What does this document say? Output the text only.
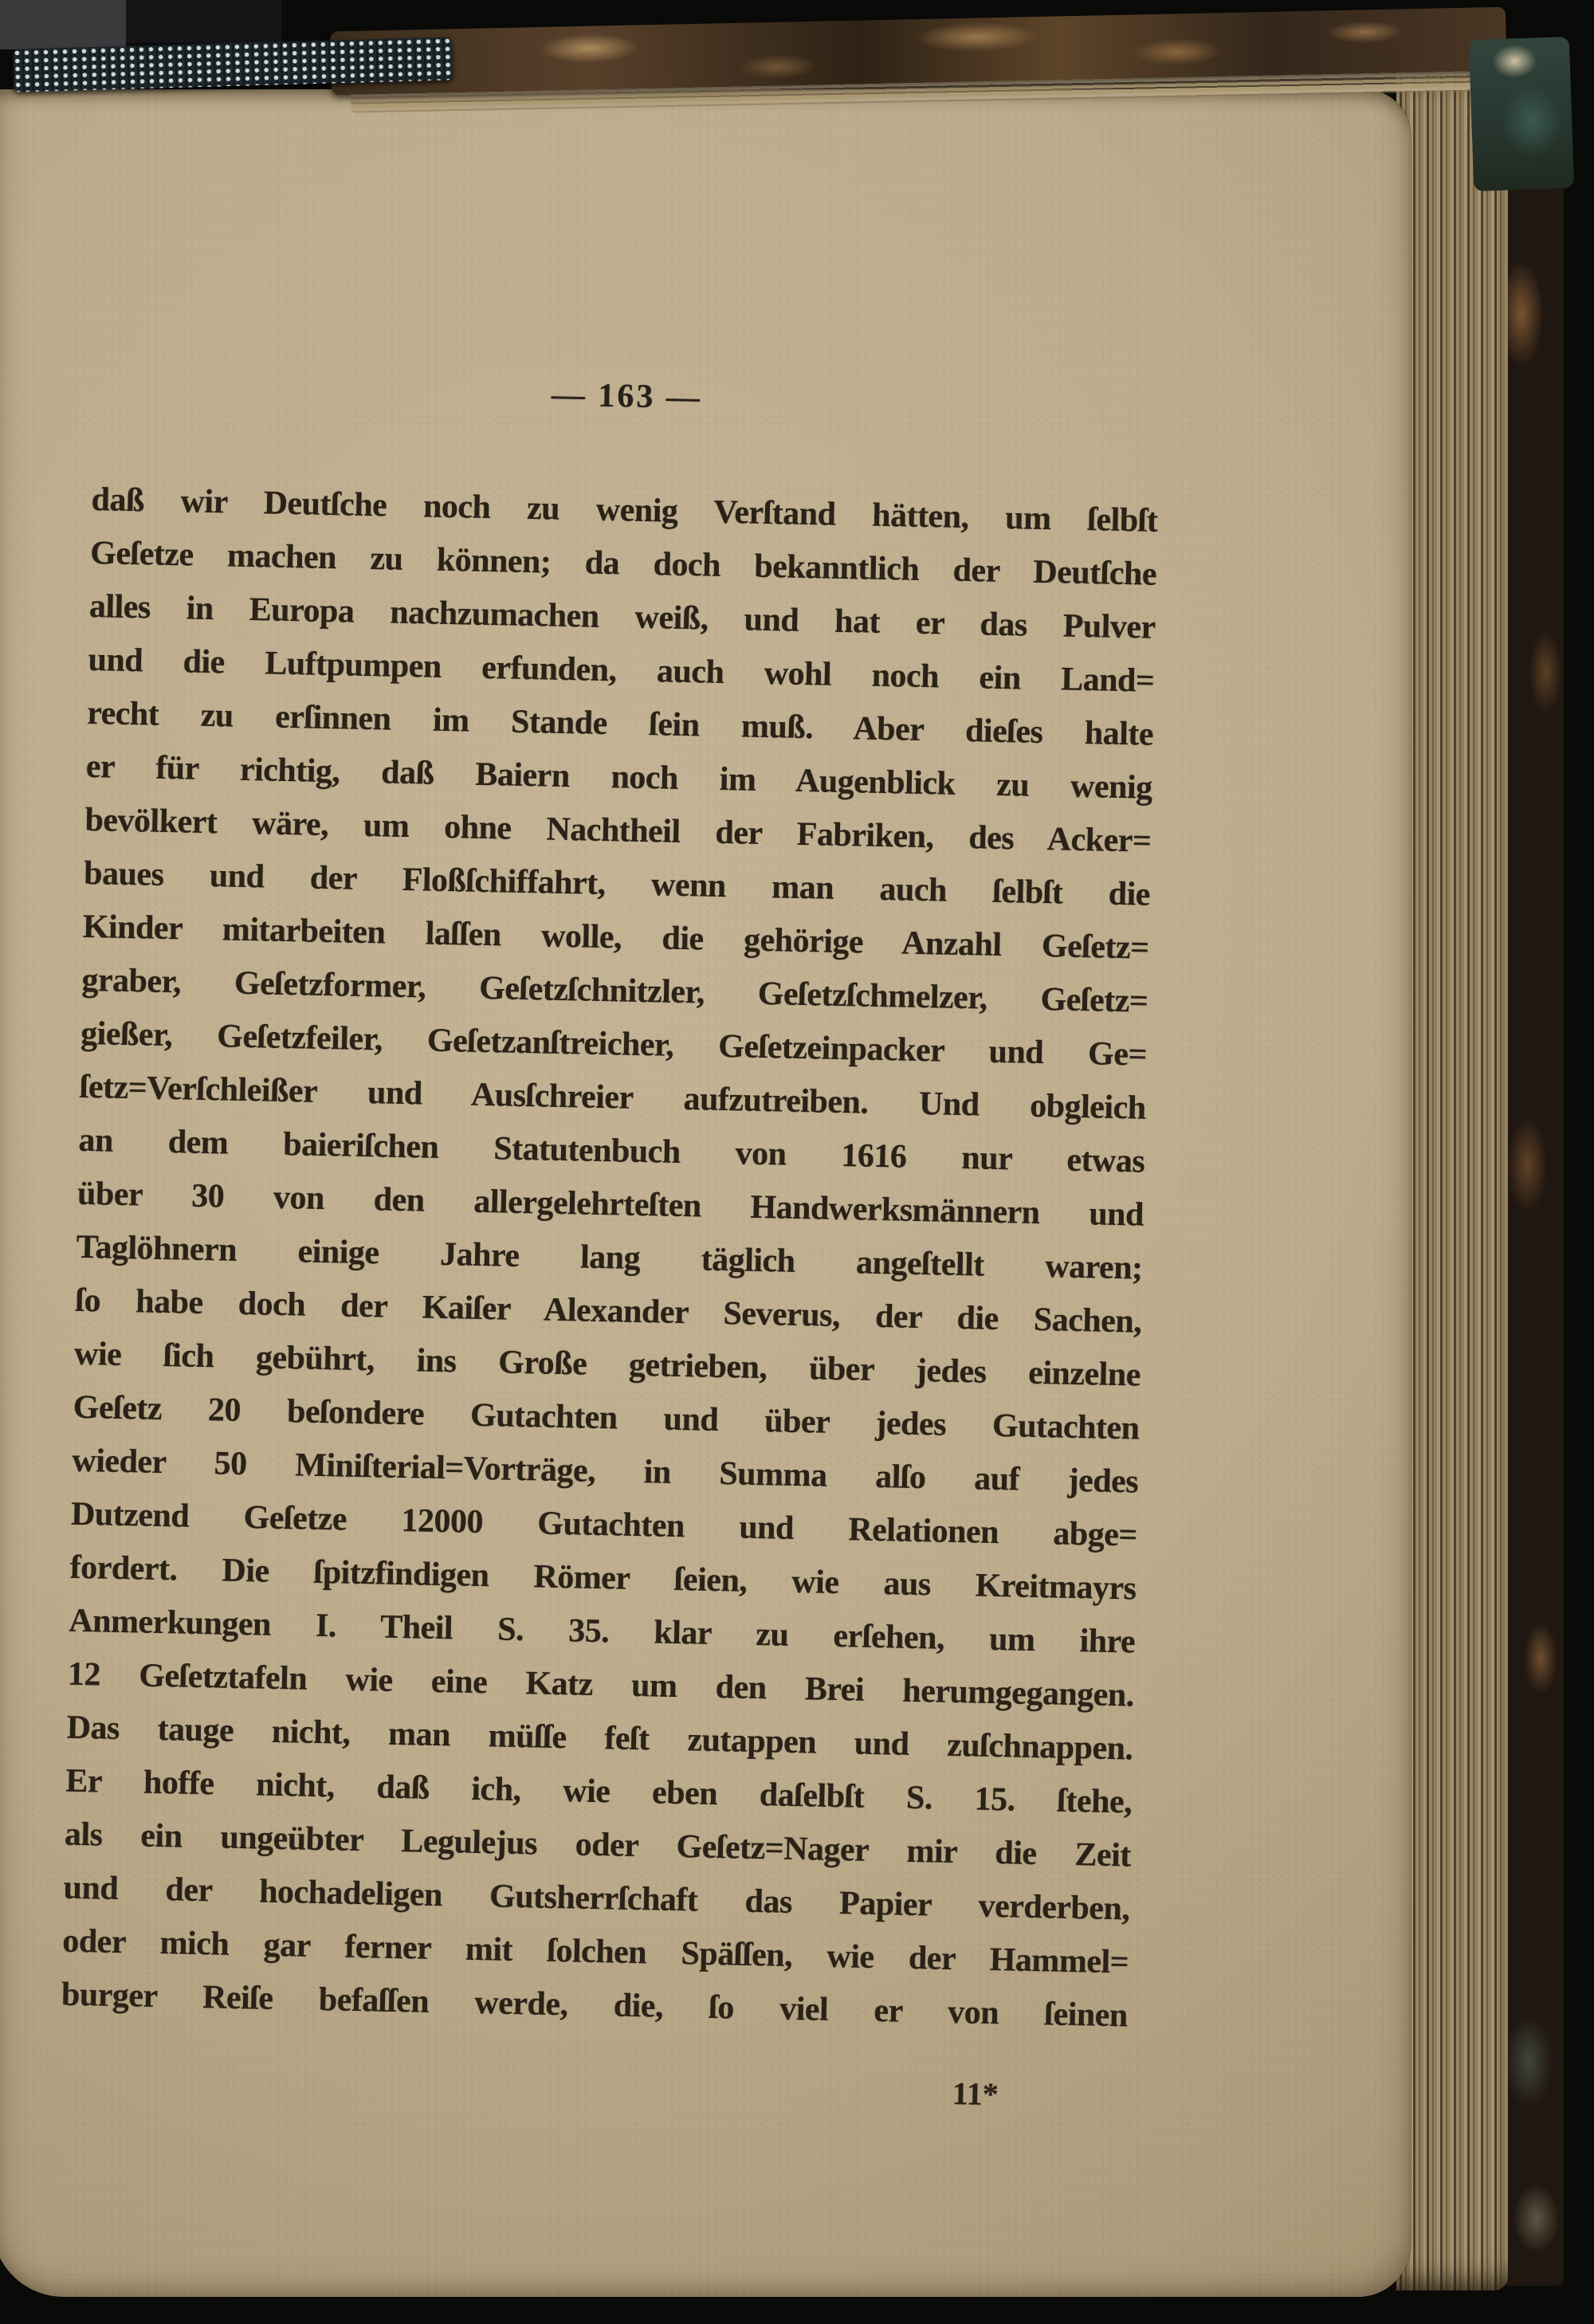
— 163 —
daß wir Deutſche noch zu wenig Verſtand hätten, um ſelbſt
Geſetze machen zu können; da doch bekanntlich der Deutſche
alles in Europa nachzumachen weiß, und hat er das Pulver
und die Luftpumpen erfunden, auch wohl noch ein Land=
recht zu erſinnen im Stande ſein muß. Aber dieſes halte
er für richtig, daß Baiern noch im Augenblick zu wenig
bevölkert wäre, um ohne Nachtheil der Fabriken, des Acker=
baues und der Floßſchiffahrt, wenn man auch ſelbſt die
Kinder mitarbeiten laſſen wolle, die gehörige Anzahl Geſetz=
graber, Geſetzformer, Geſetzſchnitzler, Geſetzſchmelzer, Geſetz=
gießer, Geſetzfeiler, Geſetzanſtreicher, Geſetzeinpacker und Ge=
ſetz=Verſchleißer und Ausſchreier aufzutreiben. Und obgleich
an dem baieriſchen Statutenbuch von 1616 nur etwas
über 30 von den allergelehrteſten Handwerksmännern und
Taglöhnern einige Jahre lang täglich angeſtellt waren;
ſo habe doch der Kaiſer Alexander Severus, der die Sachen,
wie ſich gebührt, ins Große getrieben, über jedes einzelne
Geſetz 20 beſondere Gutachten und über jedes Gutachten
wieder 50 Miniſterial=Vorträge, in Summa alſo auf jedes
Dutzend Geſetze 12000 Gutachten und Relationen abge=
fordert. Die ſpitzfindigen Römer ſeien, wie aus Kreitmayrs
Anmerkungen I. Theil S. 35. klar zu erſehen, um ihre
12 Geſetztafeln wie eine Katz um den Brei herumgegangen.
Das tauge nicht, man müſſe feſt zutappen und zuſchnappen.
Er hoffe nicht, daß ich, wie eben daſelbſt S. 15. ſtehe,
als ein ungeübter Legulejus oder Geſetz=Nager mir die Zeit
und der hochadeligen Gutsherrſchaft das Papier verderben,
oder mich gar ferner mit ſolchen Späſſen, wie der Hammel=
burger Reiſe befaſſen werde, die, ſo viel er von ſeinen
11*
